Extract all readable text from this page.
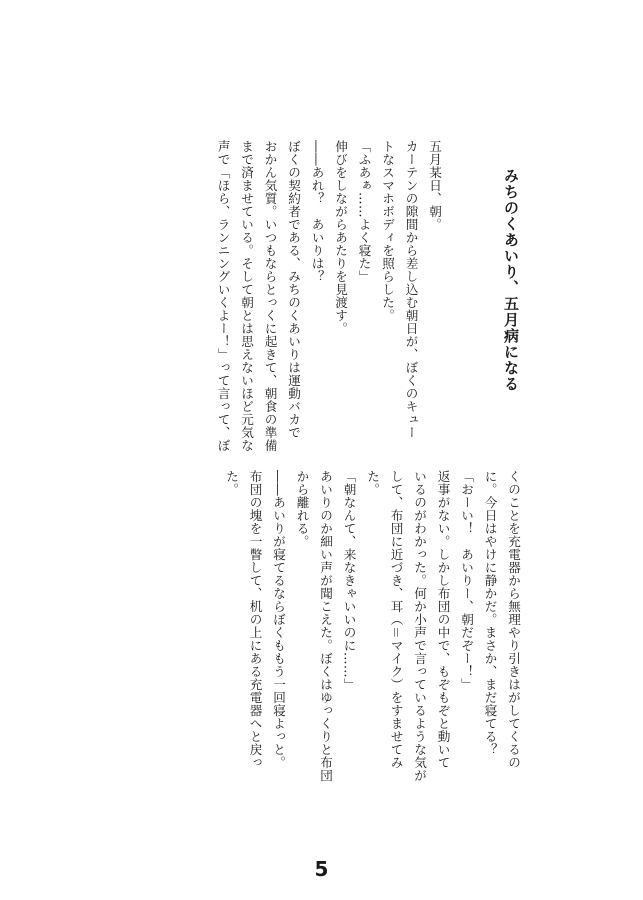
みちのくあいり、五月病になる

五月某日、朝。

カーテンの隙間から差し込む朝日が、ぼくのキュー

トなスマホボディを照らした。

「ふあぁ……よく寝た」

伸びをしながらあたりを見渡す。

――あれ？　あいりは？

ぼくの契約者である、みちのくあいりは運動バカで

おかん気質。いつもならとっくに起きて、朝食の準備

まで済ませている。そして朝とは思えないほど元気な

声で「ほら、ランニングいくよー！」って言って、ぼ

くのことを充電器から無理やり引きはがしてくるの

に。今日はやけに静かだ。まさか、まだ寝てる？

「おーい！　あいりー、朝だぞー！」

返事がない。しかし布団の中で、もぞもぞと動いて

いるのがわかった。何か小声で言っているような気が

して、布団に近づき、耳（＝マイク）をすませてみ

た。

「朝なんて、来なきゃいいのに……」

あいりのか細い声が聞こえた。ぼくはゆっくりと布団

から離れる。

――あいりが寝てるならぼくももう一回寝よっと。

布団の塊を一瞥して、机の上にある充電器へと戻っ

た。

5
